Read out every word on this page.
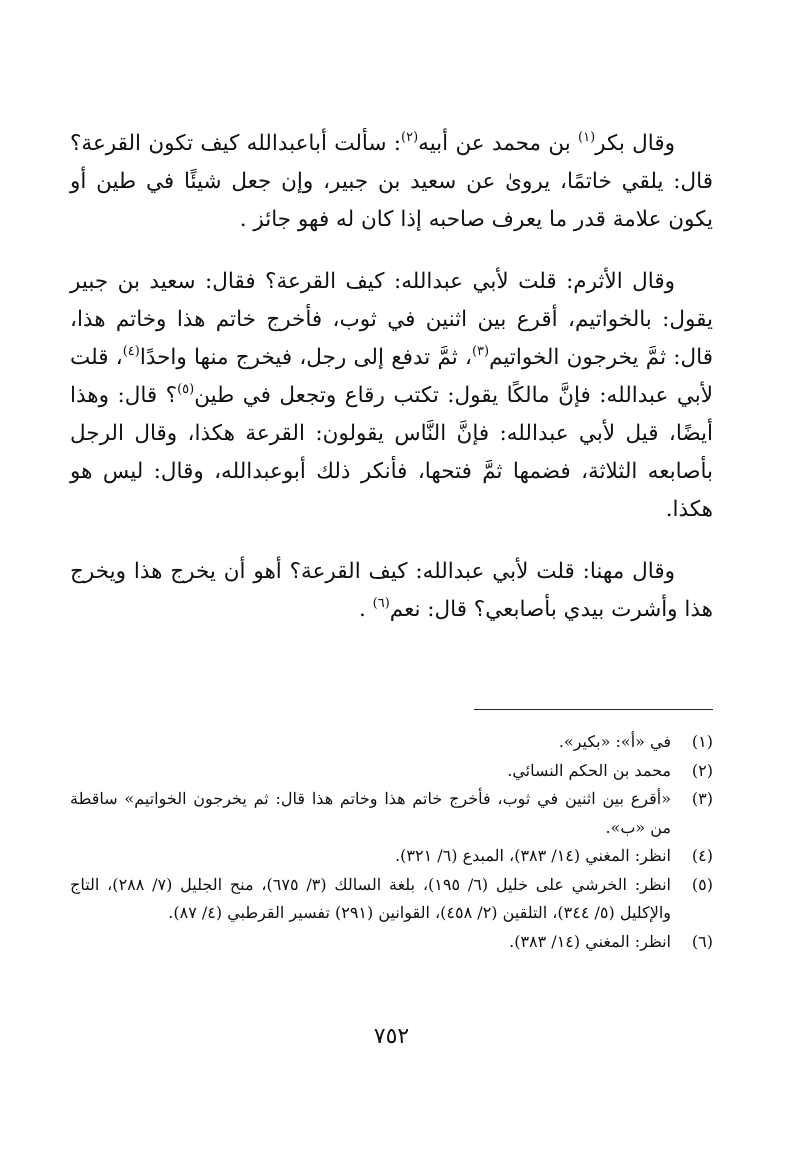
وقال بكر$^{(١)}$ بن محمد عن أبيه$^{(٢)}$: سألت أباعبدالله كيف تكون القرعة؟ قال: يلقي خاتمًا، يروىٰ عن سعيد بن جبير، وإن جعل شيئًا في طين أو يكون علامة قدر ما يعرف صاحبه إذا كان له فهو جائز .

وقال الأثرم: قلت لأبي عبدالله: كيف القرعة؟ فقال: سعيد بن جبير يقول: بالخواتيم، أقرع بين اثنين في ثوب، فأخرج خاتم هذا وخاتم هذا، قال: ثمَّ يخرجون الخواتيم$^{(٣)}$، ثمَّ تدفع إلى رجل، فيخرج منها واحدًا$^{(٤)}$، قلت لأبي عبدالله: فإنَّ مالكًا يقول: تكتب رقاع وتجعل في طين$^{(٥)}$؟ قال: وهذا أيضًا، قيل لأبي عبدالله: فإنَّ النَّاس يقولون: القرعة هكذا، وقال الرجل بأصابعه الثلاثة، فضمها ثمَّ فتحها، فأنكر ذلك أبوعبدالله، وقال: ليس هو هكذا.

وقال مهنا: قلت لأبي عبدالله: كيف القرعة؟ أهو أن يخرج هذا ويخرج هذا وأشرت بيدي بأصابعي؟ قال: نعم$^{(٦)}$ .

(١)
في «أ»: «بكير».
(٢)
محمد بن الحكم النسائي.
(٣)
«أقرع بين اثنين في ثوب، فأخرج خاتم هذا وخاتم هذا قال: ثم يخرجون الخواتيم» ساقطة من «ب».
(٤)
انظر: المغني (١٤/ ٣٨٣)، المبدع (٦/ ٣٢١).
(٥)
انظر: الخرشي على خليل (٦/ ١٩٥)، بلغة السالك (٣/ ٦٧٥)، منح الجليل (٧/ ٢٨٨)، التاج والإكليل (٥/ ٣٤٤)، التلقين (٢/ ٤٥٨)، القوانين (٢٩١) تفسير القرطبي (٤/ ٨٧).
(٦)
انظر: المغني (١٤/ ٣٨٣).
٧٥٢
